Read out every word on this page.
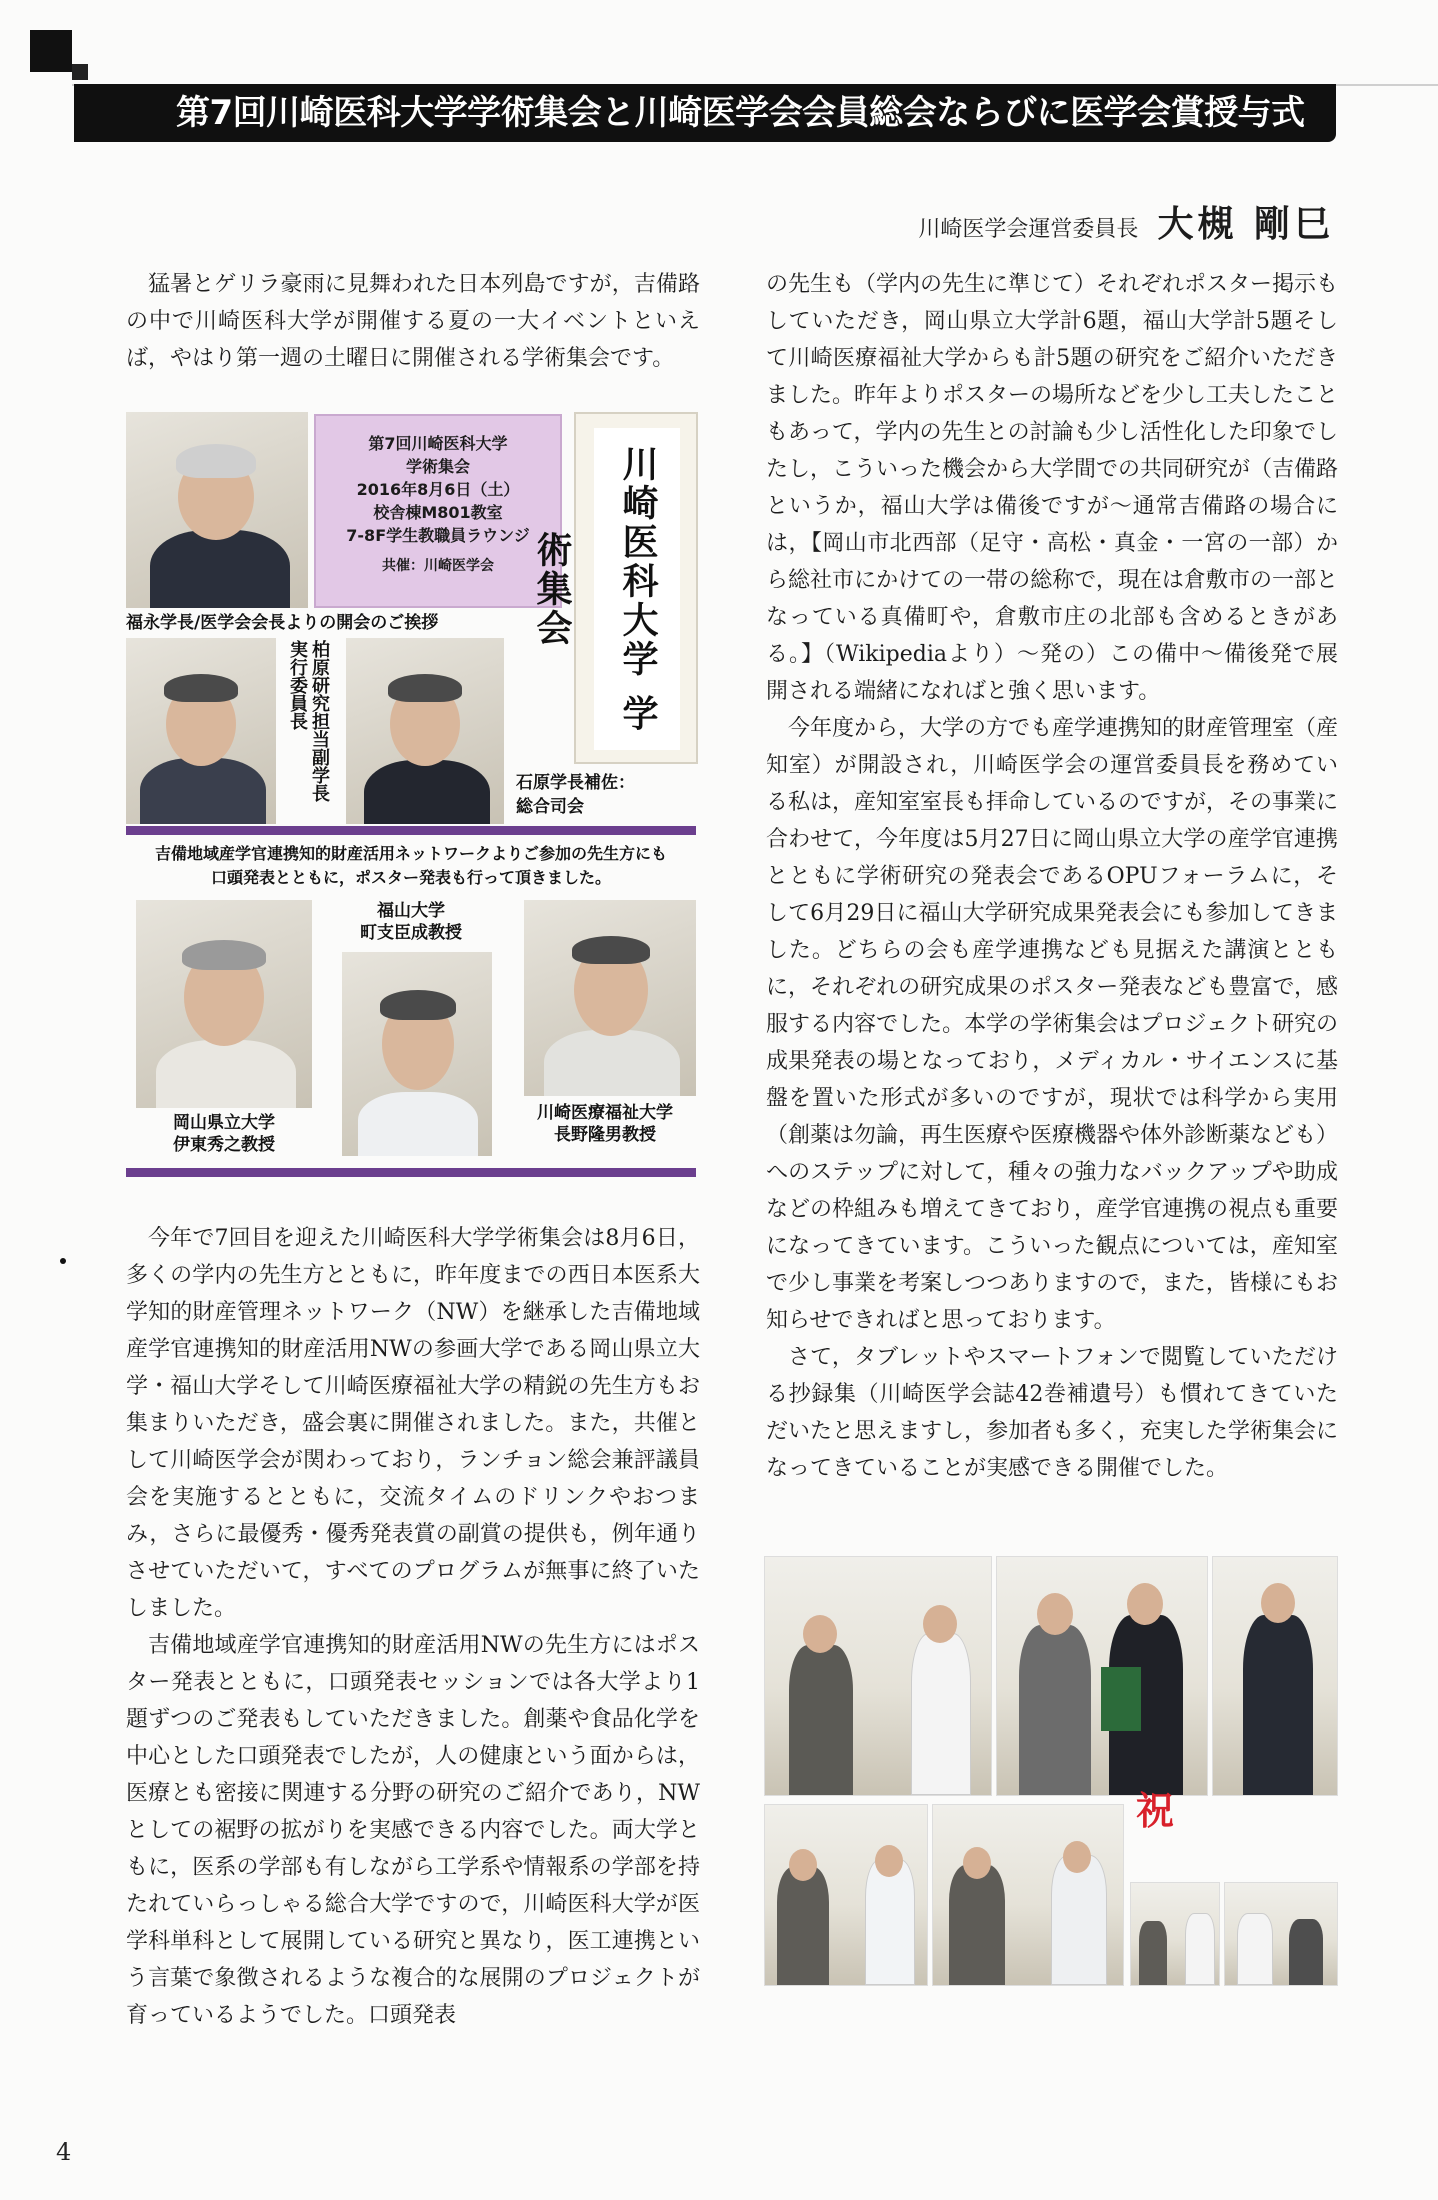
第7回川崎医科大学学術集会と川崎医学会会員総会ならびに医学会賞授与式
川崎医学会運営委員長 大槻 剛巳

猛暑とゲリラ豪雨に見舞われた日本列島ですが，吉備路の中で川崎医科大学が開催する夏の一大イベントといえば，やはり第一週の土曜日に開催される学術集会です。

第7回川崎医科大学
学術集会
2016年8月6日（土）
校舎棟M801教室
7-8F学生教職員ラウンジ
共催：川崎医学会	川崎医科大学 学術集会
福永学長/医学会会長よりの開会のご挨拶
柏原研究担当副学長 実行委員長
石原学長補佐：
総合司会
吉備地域産学官連携知的財産活用ネットワークよりご参加の先生方にも
口頭発表とともに，ポスター発表も行って頂きました。
岡山県立大学
伊東秀之教授
福山大学
町支臣成教授
川崎医療福祉大学
長野隆男教授

今年で7回目を迎えた川崎医科大学学術集会は8月6日，多くの学内の先生方とともに，昨年度までの西日本医系大学知的財産管理ネットワーク（NW）を継承した吉備地域産学官連携知的財産活用NWの参画大学である岡山県立大学・福山大学そして川崎医療福祉大学の精鋭の先生方もお集まりいただき，盛会裏に開催されました。また，共催として川崎医学会が関わっており，ランチョン総会兼評議員会を実施するとともに，交流タイムのドリンクやおつまみ，さらに最優秀・優秀発表賞の副賞の提供も，例年通りさせていただいて，すべてのプログラムが無事に終了いたしました。

吉備地域産学官連携知的財産活用NWの先生方にはポスター発表とともに，口頭発表セッションでは各大学より1題ずつのご発表もしていただきました。創薬や食品化学を中心とした口頭発表でしたが，人の健康という面からは，医療とも密接に関連する分野の研究のご紹介であり，NWとしての裾野の拡がりを実感できる内容でした。両大学ともに，医系の学部も有しながら工学系や情報系の学部を持たれていらっしゃる総合大学ですので，川崎医科大学が医学科単科として展開している研究と異なり，医工連携という言葉で象徴されるような複合的な展開のプロジェクトが育っているようでした。口頭発表

の先生も（学内の先生に準じて）それぞれポスター掲示もしていただき，岡山県立大学計6題，福山大学計5題そして川崎医療福祉大学からも計5題の研究をご紹介いただきました。昨年よりポスターの場所などを少し工夫したこともあって，学内の先生との討論も少し活性化した印象でしたし，こういった機会から大学間での共同研究が（吉備路というか，福山大学は備後ですが～通常吉備路の場合には，【岡山市北西部（足守・高松・真金・一宮の一部）から総社市にかけての一帯の総称で，現在は倉敷市の一部となっている真備町や，倉敷市庄の北部も含めるときがある。】（Wikipediaより）～発の）この備中～備後発で展開される端緒になればと強く思います。

今年度から，大学の方でも産学連携知的財産管理室（産知室）が開設され，川崎医学会の運営委員長を務めている私は，産知室室長も拝命しているのですが，その事業に合わせて，今年度は5月27日に岡山県立大学の産学官連携とともに学術研究の発表会であるOPUフォーラムに，そして6月29日に福山大学研究成果発表会にも参加してきました。どちらの会も産学連携なども見据えた講演とともに，それぞれの研究成果のポスター発表なども豊富で，感服する内容でした。本学の学術集会はプロジェクト研究の成果発表の場となっており，メディカル・サイエンスに基盤を置いた形式が多いのですが，現状では科学から実用（創薬は勿論，再生医療や医療機器や体外診断薬なども）へのステップに対して，種々の強力なバックアップや助成などの枠組みも増えてきており，産学官連携の視点も重要になってきています。こういった観点については，産知室で少し事業を考案しつつありますので，また，皆様にもお知らせできればと思っております。

さて，タブレットやスマートフォンで閲覧していただける抄録集（川崎医学会誌42巻補遺号）も慣れてきていただいたと思えますし，参加者も多く，充実した学術集会になってきていることが実感できる開催でした。

祝
4
